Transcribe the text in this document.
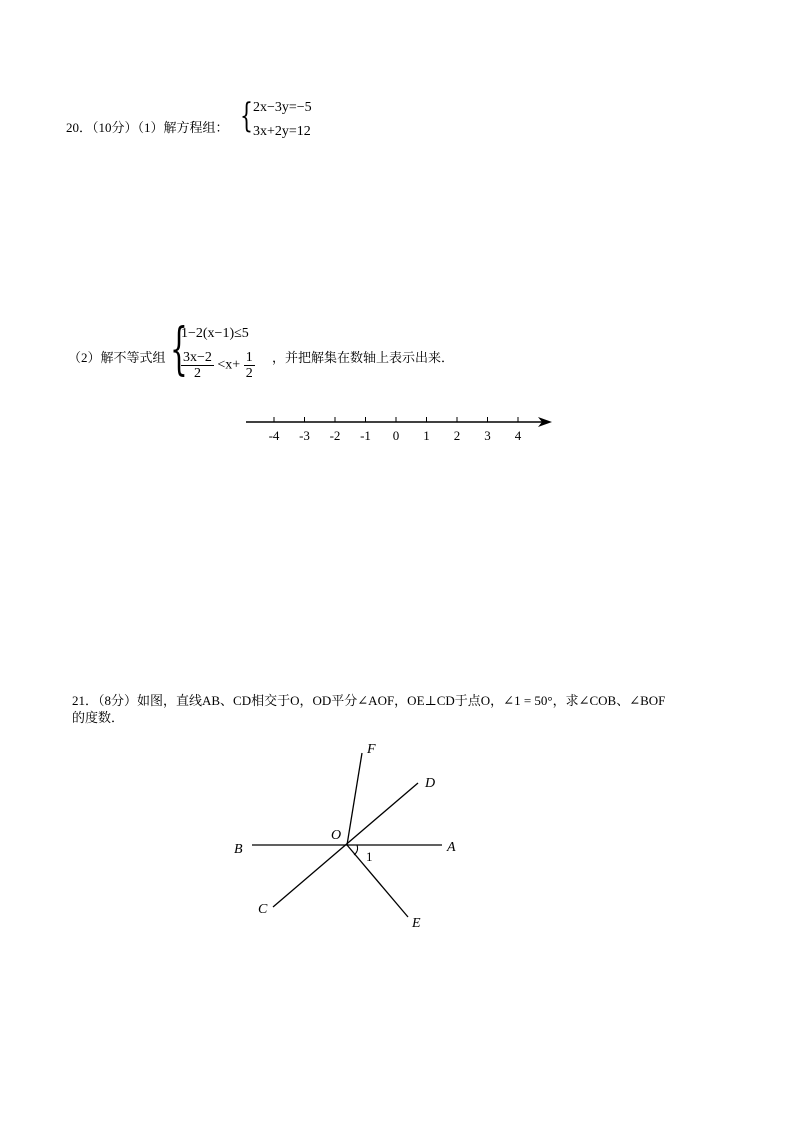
20．（10分）（1）解方程组： { 2x−3y=−5
3x+2y=12
（2）解不等式组 {
1−2(x−1)≤5
$\frac{3x-2}{2} <x+ \frac{1}{2}$ ，并把解集在数轴上表示出来．
-4 -3 -2 -1 0 1 2 3 4
21．（8分）如图，直线AB、CD相交于O，OD平分∠AOF，OE⊥CD于点O，∠1 = 50°，求∠COB、∠BOF
的度数．
F
D
O
B	A
1
C
E
